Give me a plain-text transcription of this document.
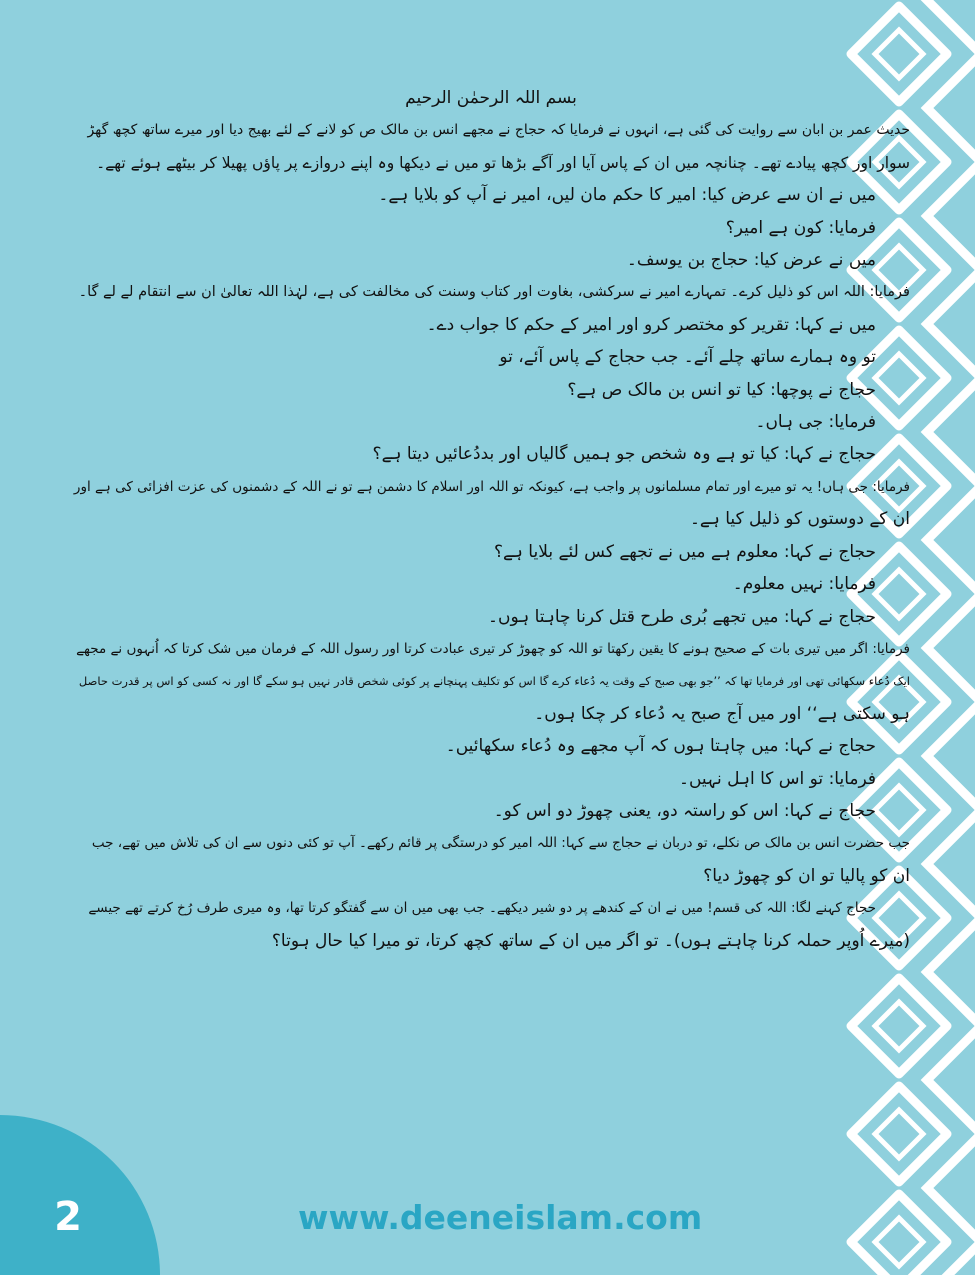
بسم اللہ الرحمٰن الرحیم

حدیث عمر بن ابان سے روایت کی گئی ہے، انہوں نے فرمایا کہ حجاج نے مجھے انس بن مالک ص کو لانے کے لئے بھیج دیا اور میرے ساتھ کچھ گھڑ

سوار اور کچھ پیادے تھے۔ چنانچہ میں ان کے پاس آیا اور آگے بڑھا تو میں نے دیکھا وہ اپنے دروازے پر پاؤں پھیلا کر بیٹھے ہوئے تھے۔

میں نے ان سے عرض کیا: امیر کا حکم مان لیں، امیر نے آپ کو بلایا ہے۔

فرمایا: کون ہے امیر؟

میں نے عرض کیا: حجاج بن یوسف۔

فرمایا: اللہ اس کو ذلیل کرے۔ تمہارے امیر نے سرکشی، بغاوت اور کتاب وسنت کی مخالفت کی ہے، لہٰذا اللہ تعالیٰ ان سے انتقام لے لے گا۔

میں نے کہا: تقریر کو مختصر کرو اور امیر کے حکم کا جواب دے۔

تو وہ ہمارے ساتھ چلے آئے۔ جب حجاج کے پاس آئے، تو

حجاج نے پوچھا: کیا تو انس بن مالک ص ہے؟

فرمایا: جی ہاں۔

حجاج نے کہا: کیا تو ہے وہ شخص جو ہمیں گالیاں اور بددُعائیں دیتا ہے؟

فرمایا: جی ہاں! یہ تو میرے اور تمام مسلمانوں پر واجب ہے، کیونکہ تو اللہ اور اسلام کا دشمن ہے تو نے اللہ کے دشمنوں کی عزت افزائی کی ہے اور

ان کے دوستوں کو ذلیل کیا ہے۔

حجاج نے کہا: معلوم ہے میں نے تجھے کس لئے بلایا ہے؟

فرمایا: نہیں معلوم۔

حجاج نے کہا: میں تجھے بُری طرح قتل کرنا چاہتا ہوں۔

فرمایا: اگر میں تیری بات کے صحیح ہونے کا یقین رکھتا تو اللہ کو چھوڑ کر تیری عبادت کرتا اور رسول اللہ کے فرمان میں شک کرتا کہ اُنہوں نے مجھے

ایک دُعاء سکھائی تھی اور فرمایا تھا کہ ’’جو بھی صبح کے وقت یہ دُعاء کرے گا اس کو تکلیف پہنچانے پر کوئی شخص قادر نہیں ہو سکے گا اور نہ کسی کو اس پر قدرت حاصل

ہو سکتی ہے‘‘ اور میں آج صبح یہ دُعاء کر چکا ہوں۔

حجاج نے کہا: میں چاہتا ہوں کہ آپ مجھے وہ دُعاء سکھائیں۔

فرمایا: تو اس کا اہل نہیں۔

حجاج نے کہا: اس کو راستہ دو، یعنی چھوڑ دو اس کو۔

جب حضرت انس بن مالک ص نکلے، تو دربان نے حجاج سے کہا: اللہ امیر کو درستگی پر قائم رکھے۔ آپ تو کئی دنوں سے ان کی تلاش میں تھے، جب

ان کو پالیا تو ان کو چھوڑ دیا؟

حجاج کہنے لگا: اللہ کی قسم! میں نے ان کے کندھے پر دو شیر دیکھے۔ جب بھی میں ان سے گفتگو کرتا تھا، وہ میری طرف رُخ کرتے تھے جیسے

(میرے اُوپر حملہ کرنا چاہتے ہوں)۔ تو اگر میں ان کے ساتھ کچھ کرتا، تو میرا کیا حال ہوتا؟

2	www.deeneislam.com
